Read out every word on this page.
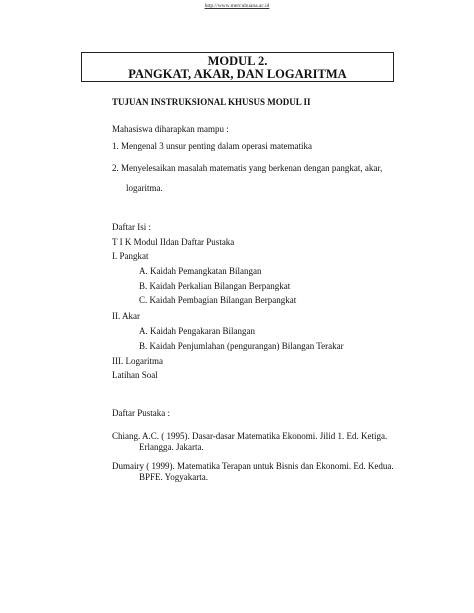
http://www.mercubuana.ac.id
MODUL 2.
PANGKAT, AKAR, DAN LOGARITMA
TUJUAN INSTRUKSIONAL KHUSUS MODUL II
Mahasiswa diharapkan mampu :
1. Mengenal 3 unsur penting dalam operasi matematika
2. Menyelesaikan masalah matematis yang berkenan dengan pangkat, akar,
logaritma.
Daftar Isi :
T I K Modul IIdan Daftar Pustaka
I. Pangkat
A. Kaidah Pemangkatan Bilangan
B. Kaidah Perkalian Bilangan Berpangkat
C. Kaidah Pembagian Bilangan Berpangkat
II. Akar
A. Kaidah Pengakaran Bilangan
B. Kaidah Penjumlahan (pengurangan) Bilangan Terakar
III. Logaritma
Latihan Soal
Daftar Pustaka :
Chiang. A.C. ( 1995). Dasar-dasar Matematika Ekonomi. Jilid 1. Ed. Ketiga.
Erlangga. Jakarta.
Dumairy ( 1999). Matematika Terapan untuk Bisnis dan Ekonomi. Ed. Kedua.
BPFE. Yogyakarta.
